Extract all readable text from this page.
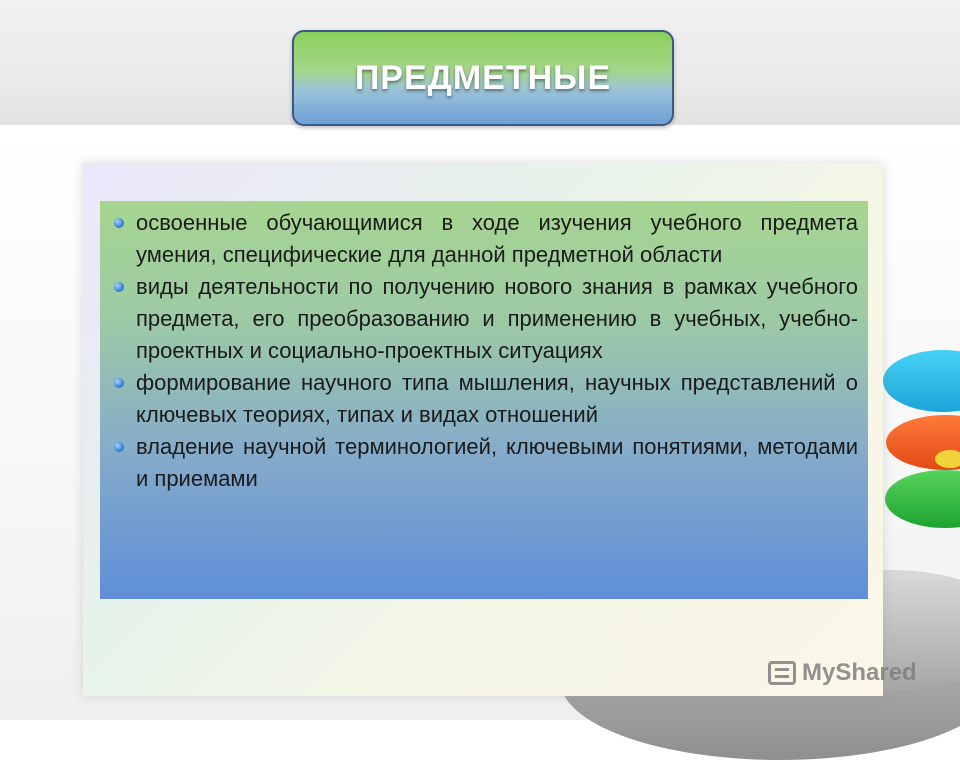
ПРЕДМЕТНЫЕ
освоенные обучающимися в ходе изучения учебного предмета умения, специфические для данной предметной области
виды деятельности по получению нового знания в рамках учебного предмета, его преобразованию и применению в учебных, учебно-проектных и социально-проектных ситуациях
формирование научного типа мышления, научных представлений о ключевых теориях, типах и видах отношений
владение научной терминологией, ключевыми понятиями, методами и приемами
MyShared
